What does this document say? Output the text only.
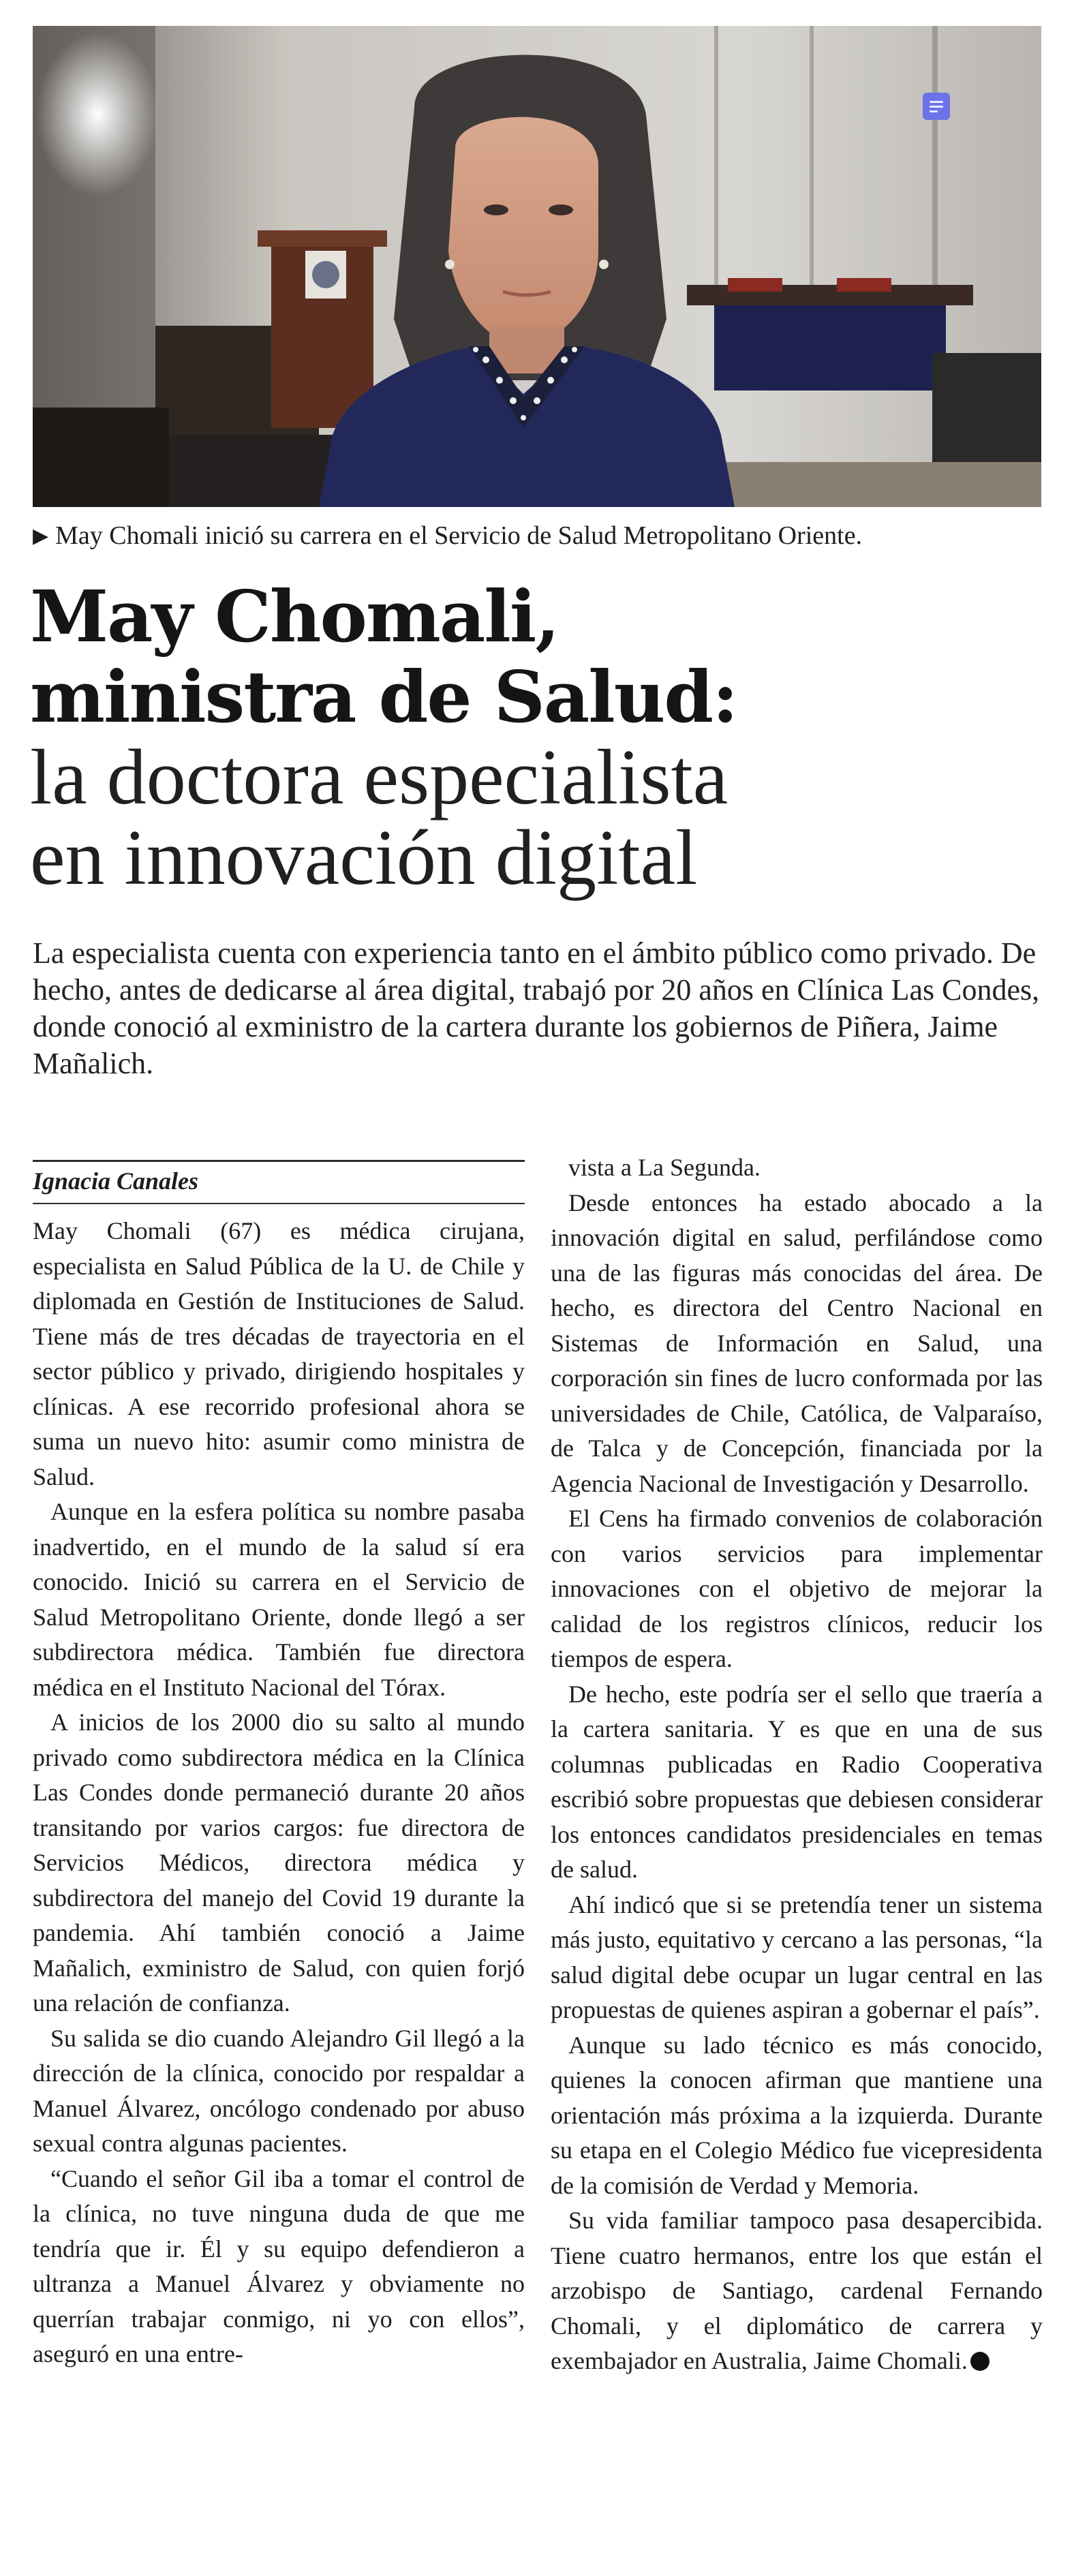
▶ May Chomali inició su carrera en el Servicio de Salud Metropolitano Oriente.
May Chomali,
ministra de Salud:
la doctora especialista
en innovación digital
La especialista cuenta con experiencia tanto en el ámbito público como privado. De hecho, antes de dedicarse al área digital, trabajó por 20 años en Clínica Las Condes, donde conoció al exministro de la cartera durante los gobiernos de Piñera, Jaime Mañalich.
Ignacia Canales

May Chomali (67) es médica cirujana, especialista en Salud Pública de la U. de Chile y diplomada en Gestión de Instituciones de Salud. Tiene más de tres décadas de trayectoria en el sector público y privado, dirigiendo hospitales y clínicas. A ese recorrido profesional ahora se suma un nuevo hito: asumir como ministra de Salud.

Aunque en la esfera política su nombre pasaba inadvertido, en el mundo de la salud sí era conocido. Inició su carrera en el Servicio de Salud Metropolitano Oriente, donde llegó a ser subdirectora médica. También fue directora médica en el Instituto Nacional del Tórax.

A inicios de los 2000 dio su salto al mundo privado como subdirectora médica en la Clínica Las Condes donde permaneció durante 20 años transitando por varios cargos: fue directora de Servicios Médicos, directora médica y subdirectora del manejo del Covid 19 durante la pandemia. Ahí también conoció a Jaime Mañalich, exministro de Salud, con quien forjó una relación de confianza.

Su salida se dio cuando Alejandro Gil llegó a la dirección de la clínica, conocido por respaldar a Manuel Álvarez, oncólogo condenado por abuso sexual contra algunas pacientes.

“Cuando el señor Gil iba a tomar el control de la clínica, no tuve ninguna duda de que me tendría que ir. Él y su equipo defendieron a ultranza a Manuel Álvarez y obviamente no querrían trabajar conmigo, ni yo con ellos”, aseguró en una entre-

vista a La Segunda.

Desde entonces ha estado abocado a la innovación digital en salud, perfilándose como una de las figuras más conocidas del área. De hecho, es directora del Centro Nacional en Sistemas de Información en Salud, una corporación sin fines de lucro conformada por las universidades de Chile, Católica, de Valparaíso, de Talca y de Concepción, financiada por la Agencia Nacional de Investigación y Desarrollo.

El Cens ha firmado convenios de colaboración con varios servicios para implementar innovaciones con el objetivo de mejorar la calidad de los registros clínicos, reducir los tiempos de espera.

De hecho, este podría ser el sello que traería a la cartera sanitaria. Y es que en una de sus columnas publicadas en Radio Cooperativa escribió sobre propuestas que debiesen considerar los entonces candidatos presidenciales en temas de salud.

Ahí indicó que si se pretendía tener un sistema más justo, equitativo y cercano a las personas, “la salud digital debe ocupar un lugar central en las propuestas de quienes aspiran a gobernar el país”.

Aunque su lado técnico es más conocido, quienes la conocen afirman que mantiene una orientación más próxima a la izquierda. Durante su etapa en el Colegio Médico fue vicepresidenta de la comisión de Verdad y Memoria.

Su vida familiar tampoco pasa desapercibida. Tiene cuatro hermanos, entre los que están el arzobispo de Santiago, cardenal Fernando Chomali, y el diplomático de carrera y exembajador en Australia, Jaime Chomali.
